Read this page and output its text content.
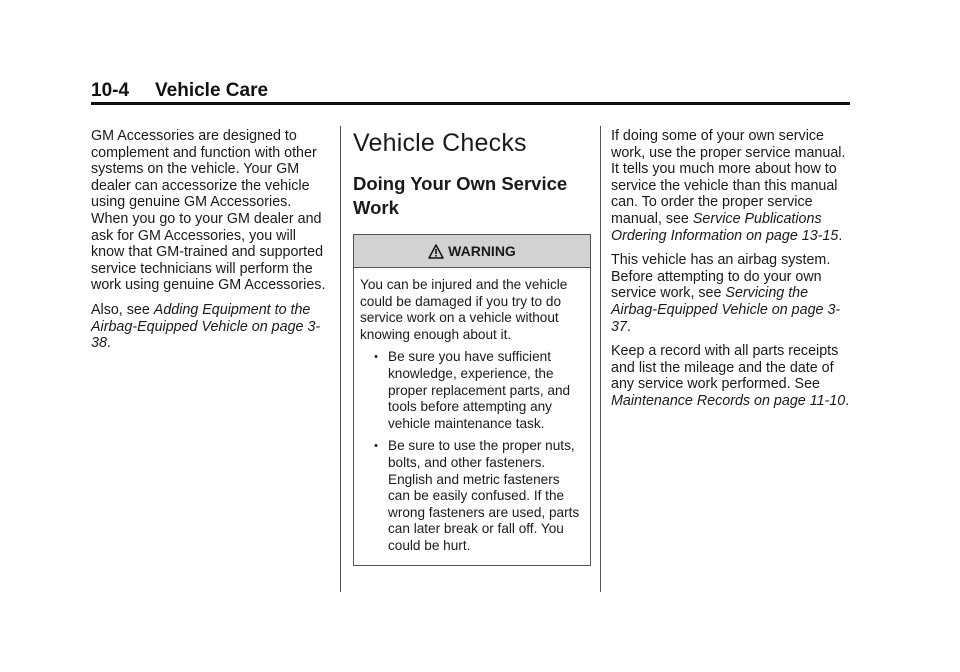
10-4 Vehicle Care

GM Accessories are designed to complement and function with other systems on the vehicle. Your GM dealer can accessorize the vehicle using genuine GM Accessories. When you go to your GM dealer and ask for GM Accessories, you will know that GM-trained and supported service technicians will perform the work using genuine GM Accessories.

Also, see Adding Equipment to the Airbag-Equipped Vehicle on page 3-38.

Vehicle Checks
Doing Your Own Service Work
WARNING
You can be injured and the vehicle could be damaged if you try to do service work on a vehicle without knowing enough about it.
• Be sure you have sufficient knowledge, experience, the proper replacement parts, and tools before attempting any vehicle maintenance task.
• Be sure to use the proper nuts, bolts, and other fasteners. English and metric fasteners can be easily confused. If the wrong fasteners are used, parts can later break or fall off. You could be hurt.

If doing some of your own service work, use the proper service manual. It tells you much more about how to service the vehicle than this manual can. To order the proper service manual, see Service Publications Ordering Information on page 13-15.

This vehicle has an airbag system. Before attempting to do your own service work, see Servicing the Airbag-Equipped Vehicle on page 3-37.

Keep a record with all parts receipts and list the mileage and the date of any service work performed. See Maintenance Records on page 11-10.
